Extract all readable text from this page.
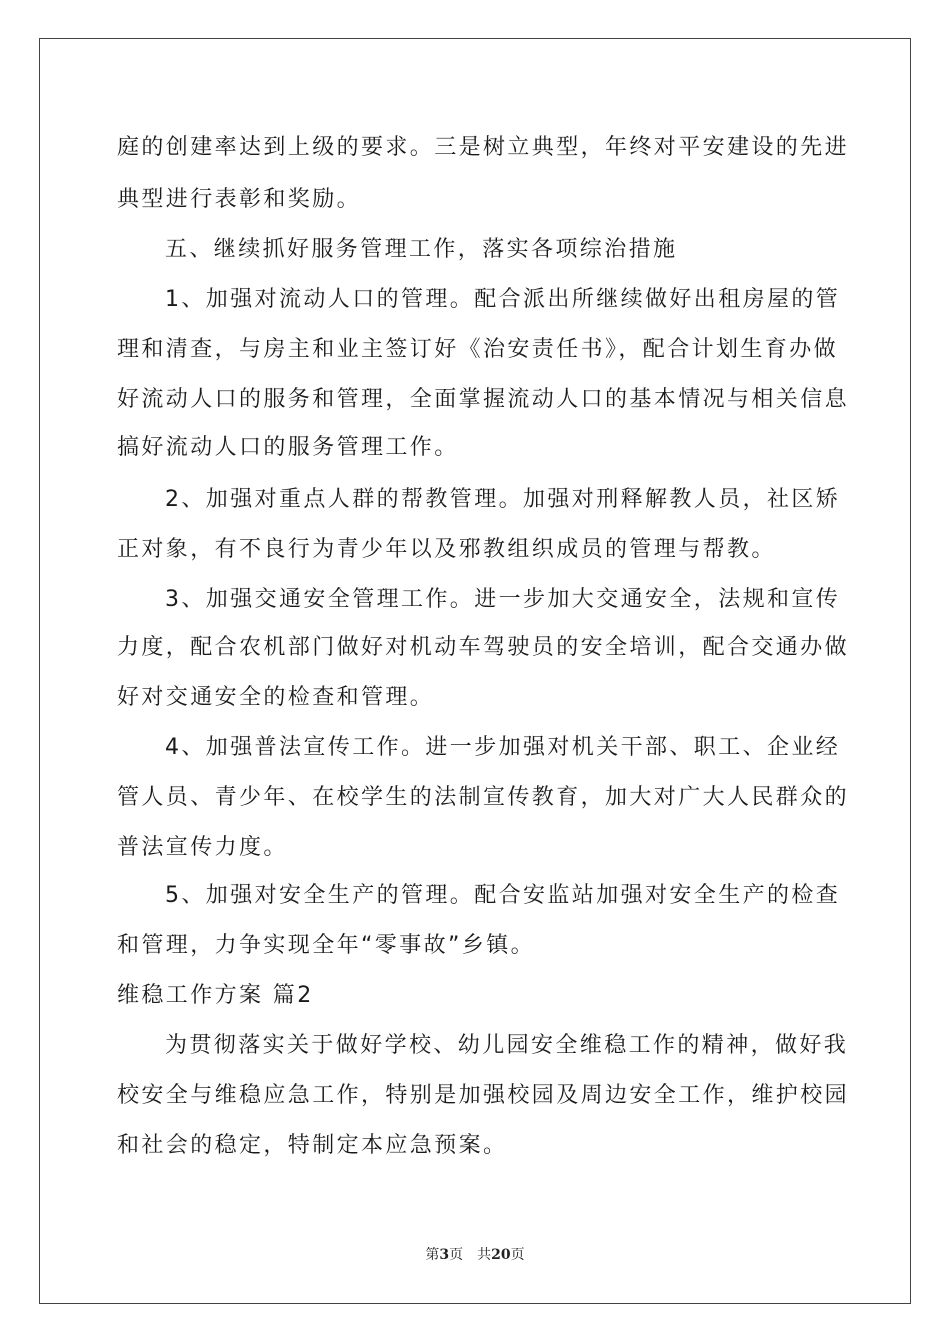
庭的创建率达到上级的要求。三是树立典型，年终对平安建设的先进
典型进行表彰和奖励。
五、继续抓好服务管理工作，落实各项综治措施
1、加强对流动人口的管理。配合派出所继续做好出租房屋的管
理和清查，与房主和业主签订好《治安责任书》，配合计划生育办做
好流动人口的服务和管理，全面掌握流动人口的基本情况与相关信息
搞好流动人口的服务管理工作。
2、加强对重点人群的帮教管理。加强对刑释解教人员，社区矫
正对象，有不良行为青少年以及邪教组织成员的管理与帮教。
3、加强交通安全管理工作。进一步加大交通安全，法规和宣传
力度，配合农机部门做好对机动车驾驶员的安全培训，配合交通办做
好对交通安全的检查和管理。
4、加强普法宣传工作。进一步加强对机关干部、职工、企业经
管人员、青少年、在校学生的法制宣传教育，加大对广大人民群众的
普法宣传力度。
5、加强对安全生产的管理。配合安监站加强对安全生产的检查
和管理，力争实现全年“零事故”乡镇。
维稳工作方案 篇2
为贯彻落实关于做好学校、幼儿园安全维稳工作的精神，做好我
校安全与维稳应急工作，特别是加强校园及周边安全工作，维护校园
和社会的稳定，特制定本应急预案。
第3页　共20页
